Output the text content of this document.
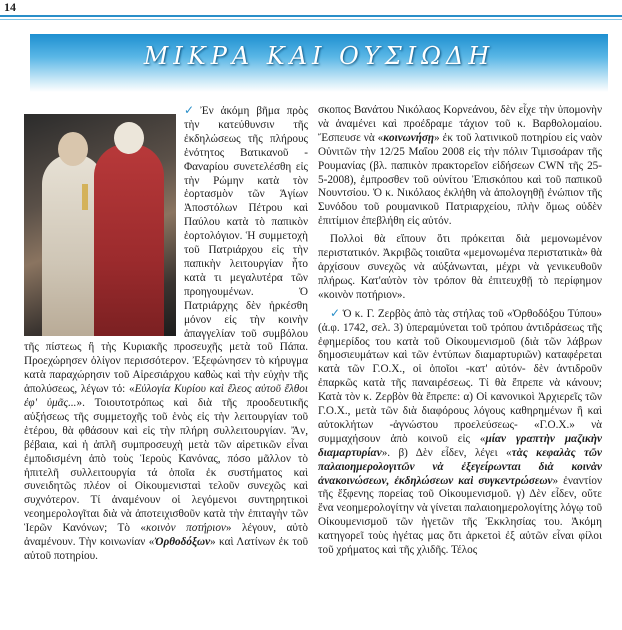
14
ΜΙΚΡΑ ΚΑΙ ΟΥΣΙΩΔΗ

✓ Ἐν ἀκόμη βῆμα πρὸς τὴν κατεύθυνσιν τῆς ἐκδηλώσεως τῆς πλήρους ἑνότητος Βατικανοῦ - Φαναρίου συνετελέσθη εἰς τὴν Ρώμην κατὰ τὸν ἑορτασμὸν τῶν Ἁγίων Ἀποστόλων Πέτρου καὶ Παύλου κατὰ τὸ παπικὸν ἑορτολόγιον. Ἡ συμμετοχὴ τοῦ Πατριάρχου εἰς τὴν παπικὴν λειτουργίαν ἦτο κατὰ τι μεγαλυτέρα τῶν προηγουμένων. Ὁ Πατριάρχης δὲν ἠρκέσθη μόνον εἰς τὴν κοινὴν ἀπαγγελίαν τοῦ συμβόλου τῆς πίστεως ἢ τὴς Κυριακῆς προσευχῆς μετὰ τοῦ Πάπα. Προεχώρησεν ὀλίγον περισσότερον. Ἐξεφώνησεν τὸ κήρυγμα κατὰ παραχώρησιν τοῦ Αἱρεσιάρχου καθὼς καὶ τὴν εὐχὴν τῆς ἀπολύσεως, λέγων τό: «Εὐλογία Κυρίου καὶ ἔλεος αὐτοῦ ἔλθοι ἐφ' ὑμᾶς...». Τοιουτοτρόπως καὶ διὰ τῆς προοδευτικῆς αὐξήσεως τῆς συμμετοχῆς τοῦ ἑνὸς εἰς τὴν λειτουργίαν τοῦ ἑτέρου, θὰ φθάσουν καὶ εἰς τὴν πλήρη συλλειτουργίαν. Ἄν, βέβαια, καὶ ἡ ἁπλῆ συμπροσευχὴ μετὰ τῶν αἱρετικῶν εἶναι ἐμποδισμένη ἀπὸ τοὺς Ἱεροὺς Κανόνας, πόσο μᾶλλον τὸ ἠπιτελῆ συλλειτουργία τά ὁποῖα ἐκ συστήματος καὶ συνειδητῶς πλέον οἱ Οἰκουμενισταὶ τελοῦν συνεχῶς καὶ συχνότερον. Τί ἀναμένουν οἱ λεγόμενοι συντηρητικοὶ νεοημερολογῖται διὰ νὰ ἀποτειχισθοῦν κατὰ τὴν ἐπιταγὴν τῶν Ἱερῶν Κανόνων; Τὸ «κοινὸν ποτήριον» λέγουν, αὐτὸ ἀναμένουν. Τὴν κοινωνίαν «Ὀρθοδόξων» καὶ Λατίνων ἐκ τοῦ αὐτοῦ ποτηρίου.

σκοπος Βανάτου Νικόλαος Κορνεάνου, δὲν εἶχε τὴν ὑπομονὴν νὰ ἀναμένει καὶ προέδραμε τάχιον τοῦ κ. Βαρθολομαίου. Ἔσπευσε νὰ «κοινωνήσῃ» ἐκ τοῦ λατινικοῦ ποτηρίου εἰς ναὸν Οὐνιτῶν τὴν 12/25 Μαΐου 2008 εἰς τὴν πόλιν Τιμισοάραν τῆς Ρουμανίας (βλ. παπικὸν πρακτορεῖον εἰδήσεων CWN τῆς 25-5-2008), ἐμπροσθεν τοῦ οὐνίτου Ἐπισκόπου καὶ τοῦ παπικοῦ Νουντσίου. Ὁ κ. Νικόλαος ἐκλήθη νὰ ἀπολογηθῇ ἐνώπιον τῆς Συνόδου τοῦ ρουμανικοῦ Πατριαρχείου, πλὴν ὅμως οὐδὲν ἐπιτίμιον ἐπεβλήθη εἰς αὐτόν.

Πολλοὶ θὰ εἴπουν ὅτι πρόκειται διὰ μεμονωμένον περιστατικόν. Ἀκριβῶς τοιαῦτα «μεμονωμένα περιστατικὰ» θὰ ἀρχίσουν συνεχῶς νὰ αὐξάνωνται, μέχρι νὰ γενικευθοῦν πλήρως. Κατ'αὐτὸν τὸν τρόπον θὰ ἐπιτευχθῇ τὸ περίφημον «κοινὸν ποτήριον».

✓ Ὁ κ. Γ. Ζερβὸς ἀπὸ τὰς στήλας τοῦ «Ὀρθοδόξου Τύπου» (ἀ.φ. 1742, σελ. 3) ὑπεραμύνεται τοῦ τρόπου ἀντιδράσεως τῆς ἐφημερίδος του κατὰ τοῦ Οἰκουμενισμοῦ (διὰ τῶν λάβρων δημοσιευμάτων καὶ τῶν ἐντύπων διαμαρτυριῶν) καταφέρεται κατὰ τῶν Γ.Ο.Χ., οἱ ὁποῖοι -κατ' αὐτόν- δὲν ἀντιδροῦν ἐπαρκῶς κατὰ τῆς παναιρέσεως. Τί θὰ ἔπρεπε νὰ κάνουν; Κατὰ τὸν κ. Ζερβὸν θὰ ἔπρεπε: α) Οἱ κανονικοὶ Ἀρχιερεῖς τῶν Γ.Ο.Χ., μετὰ τῶν διὰ διαφόρους λόγους καθηρημένων ἢ καὶ αὐτοκλήτων -ἀγνώστου προελεύσεως- «Γ.Ο.Χ.» νὰ συμμαχήσουν ἀπὸ κοινοῦ εἰς «μίαν γραπτὴν μαζικὴν διαμαρτυρίαν». β) Δὲν εἶδεν, λέγει «τὰς κεφαλὰς τῶν παλαιοημερολογιτῶν νὰ ἐξεγείρωνται διὰ κοινὰν ἀνακοινώσεων, ἐκδηλώσεων καὶ συγκεντρώσεων» ἐναντίον τῆς ἔξφενης πορείας τοῦ Οἰκουμενισμοῦ. γ) Δὲν εἶδεν, οὔτε ἕνα νεοημερολογίτην νὰ γίνεται παλαιοημερολογίτης λόγῳ τοῦ Οἰκουμενισμοῦ τῶν ἡγετῶν τῆς Ἐκκλησίας του. Ἀκόμη κατηγορεῖ τοὺς ἡγέτας μας ὅτι ἀρκετοὶ ἐξ αὐτῶν εἶναι φίλοι τοῦ χρήματος καὶ τῆς χλιδῆς. Τέλος
